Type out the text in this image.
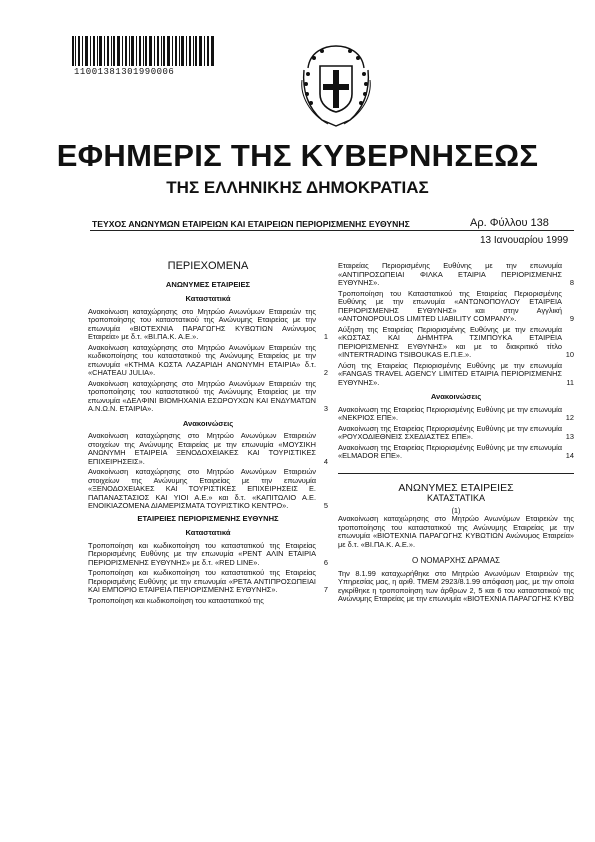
11001381301990006
ΕΦΗΜΕΡΙΣ ΤΗΣ ΚΥΒΕΡΝΗΣΕΩΣ
ΤΗΣ ΕΛΛΗΝΙΚΗΣ ΔΗΜΟΚΡΑΤΙΑΣ
ΤΕΥΧΟΣ ΑΝΩΝΥΜΩΝ ΕΤΑΙΡΕΙΩΝ ΚΑΙ ΕΤΑΙΡΕΙΩΝ ΠΕΡΙΟΡΙΣΜΕΝΗΣ ΕΥΘΥΝΗΣ	Αρ. Φύλλου 138
13 Ιανουαρίου 1999
ΠΕΡΙΕΧΟΜΕΝΑ
ΑΝΩΝΥΜΕΣ ΕΤΑΙΡΕΙΕΣ
Καταστατικά
Ανακοίνωση καταχώρησης στο Μητρώο Ανωνύμων Εταιρειών της τροποποίησης του καταστατικού της Ανώνυμης Εταιρείας με την επωνυμία «ΒΙΟΤΕΧΝΙΑ ΠΑΡΑΓΩΓΗΣ ΚΥΒΩΤΙΩΝ Ανώνυμος Εταιρεία» με δ.τ. «ΒΙ.ΠΑ.Κ. Α.Ε.».	1
Ανακοίνωση καταχώρησης στο Μητρώο Ανωνύμων Εταιρειών της κωδικοποίησης του καταστατικού της Ανώνυμης Εταιρείας με την επωνυμία «ΚΤΗΜΑ ΚΩΣΤΑ ΛΑΖΑΡΙΔΗ ΑΝΩΝΥΜΗ ΕΤΑΙΡΙΑ» δ.τ. «CHATEAU JULIA».	2
Ανακοίνωση καταχώρησης στο Μητρώο Ανωνύμων Εταιρειών της τροποποίησης του καταστατικού της Ανώνυμης Εταιρείας με την επωνυμία «ΔΕΛΦΙΝΙ ΒΙΟΜΗΧΑΝΙΑ ΕΣΩΡΟΥΧΩΝ ΚΑΙ ΕΝΔΥΜΑΤΩΝ Α.Ν.Ω.Ν. ΕΤΑΙΡΙΑ».	3
Ανακοινώσεις
Ανακοίνωση καταχώρησης στο Μητρώο Ανωνύμων Εταιρειών στοιχείων της Ανώνυμης Εταιρείας με την επωνυμία «ΜΟΥΣΙΚΗ ΑΝΩΝΥΜΗ ΕΤΑΙΡΕΙΑ ΞΕΝΟΔΟΧΕΙΑΚΕΣ ΚΑΙ ΤΟΥΡΙΣΤΙΚΕΣ ΕΠΙΧΕΙΡΗΣΕΙΣ».	4
Ανακοίνωση καταχώρησης στο Μητρώο Ανωνύμων Εταιρειών στοιχείων της Ανώνυμης Εταιρείας με την επωνυμία «ΞΕΝΟΔΟΧΕΙΑΚΕΣ ΚΑΙ ΤΟΥΡΙΣΤΙΚΕΣ ΕΠΙΧΕΙΡΗΣΕΙΣ Ε. ΠΑΠΑΝΑΣΤΑΣΙΟΣ ΚΑΙ ΥΙΟΙ Α.Ε.» και δ.τ. «ΚΑΠΙΤΩΛΙΟ Α.Ε. ΕΝΟΙΚΙΑΖΟΜΕΝΑ ΔΙΑΜΕΡΙΣΜΑΤΑ ΤΟΥΡΙΣΤΙΚΟ ΚΕΝΤΡΟ».	5
ΕΤΑΙΡΕΙΕΣ ΠΕΡΙΟΡΙΣΜΕΝΗΣ ΕΥΘΥΝΗΣ
Καταστατικά
Τροποποίηση και κωδικοποίηση του καταστατικού της Εταιρείας Περιορισμένης Ευθύνης με την επωνυμία «ΡΕΝΤ ΑΛΙΝ ΕΤΑΙΡΙΑ ΠΕΡΙΟΡΙΣΜΕΝΗΣ ΕΥΘΥΝΗΣ» με δ.τ. «RED LINE».	6
Τροποποίηση και κωδικοποίηση του καταστατικού της Εταιρείας Περιορισμένης Ευθύνης με την επωνυμία «ΡΕΤΑ ΑΝΤΙΠΡΟΣΩΠΕΙΑΙ ΚΑΙ ΕΜΠΟΡΙΟ ΕΤΑΙΡΕΙΑ ΠΕΡΙΟΡΙΣΜΕΝΗΣ ΕΥΘΥΝΗΣ».	7
Τροποποίηση και κωδικοποίηση του καταστατικού της
Εταιρείας Περιορισμένης Ευθύνης με την επωνυμία «ΑΝΤΙΠΡΟΣΩΠΕΙΑΙ ΦΙΛΚΑ ΕΤΑΙΡΙΑ ΠΕΡΙΟΡΙΣΜΕΝΗΣ ΕΥΘΥΝΗΣ».	8
Τροποποίηση του Καταστατικού της Εταιρείας Περιορισμένης Ευθύνης με την επωνυμία «ΑΝΤΩΝΟΠΟΥΛΟΥ ΕΤΑΙΡΕΙΑ ΠΕΡΙΟΡΙΣΜΕΝΗΣ ΕΥΘΥΝΗΣ» και στην Αγγλική «ANTONOPOULOS LIMITED LIABILITY COMPANY».	9
Αύξηση της Εταιρείας Περιορισμένης Ευθύνης με την επωνυμία «ΚΩΣΤΑΣ ΚΑΙ ΔΗΜΗΤΡΑ ΤΣΙΜΠΟΥΚΑ ΕΤΑΙΡΕΙΑ ΠΕΡΙΟΡΙΣΜΕΝΗΣ ΕΥΘΥΝΗΣ» και με το διακριτικό τίτλο «INTERTRADING TSIBOUKAS Ε.Π.Ε.».	10
Λύση της Εταιρείας Περιορισμένης Ευθύνης με την επωνυμία «FANGAS TRAVEL AGENCY LIMITED ΕΤΑΙΡΙΑ ΠΕΡΙΟΡΙΣΜΕΝΗΣ ΕΥΘΥΝΗΣ».	11
Ανακοινώσεις
Ανακοίνωση της Εταιρείας Περιορισμένης Ευθύνης με την επωνυμία «ΝΕΚΡΙΟΣ ΕΠΕ».	12
Ανακοίνωση της Εταιρείας Περιορισμένης Ευθύνης με την επωνυμία «ΡΟΥΧΟΔΙΕΘΝΕΙΣ ΣΧΕΔΙΑΣΤΕΣ ΕΠΕ».	13
Ανακοίνωση της Εταιρείας Περιορισμένης Ευθύνης με την επωνυμία «ELMADOR ΕΠΕ».	14
ΑΝΩΝΥΜΕΣ ΕΤΑΙΡΕΙΕΣ
ΚΑΤΑΣΤΑΤΙΚΑ
(1)
Ανακοίνωση καταχώρησης στο Μητρώο Ανωνύμων Εταιρειών της τροποποίησης του καταστατικού της Ανώνυμης Εταιρείας με την επωνυμία «ΒΙΟΤΕΧΝΙΑ ΠΑΡΑΓΩΓΗΣ ΚΥΒΩΤΙΩΝ Ανώνυμος Εταιρεία» με δ.τ. «ΒΙ.ΠΑ.Κ. Α.Ε.».
Ο ΝΟΜΑΡΧΗΣ ΔΡΑΜΑΣ
Την 8.1.99 καταχωρήθηκε στο Μητρώο Ανωνύμων Εταιρειών της Υπηρεσίας μας, η αριθ. ΤΜΕΜ 2923/8.1.99 απόφαση μας, με την οποία εγκρίθηκε η τροποποίηση των άρθρων 2, 5 και 6 του καταστατικού της Ανώνυμης Εταιρείας με την επωνυμία «ΒΙΟΤΕΧΝΙΑ ΠΑΡΑΓΩΓΗΣ ΚΥΒΩ
